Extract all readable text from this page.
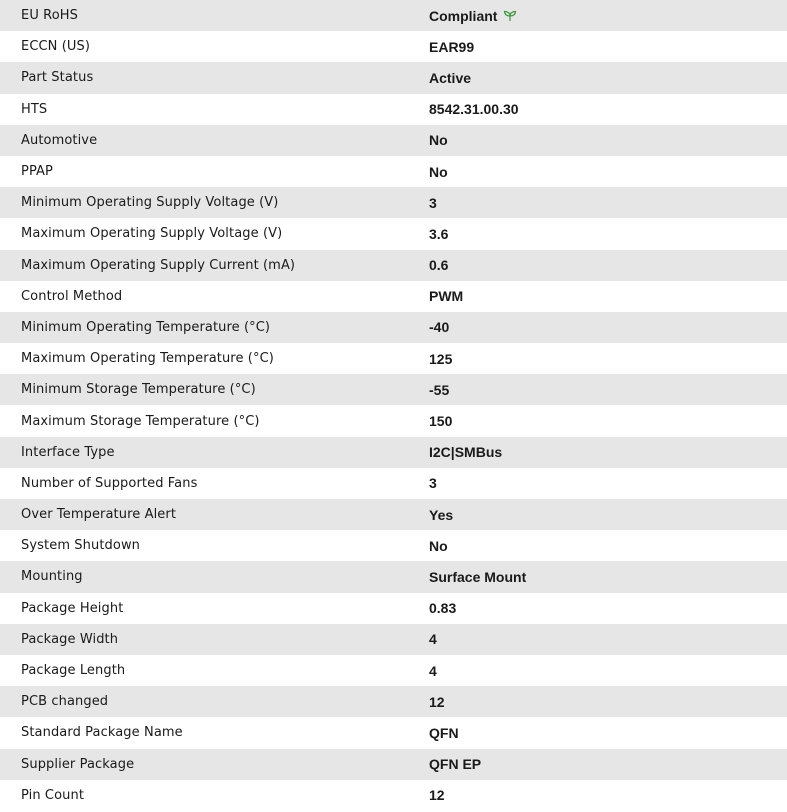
EU RoHS	Compliant
ECCN (US)	EAR99
Part Status	Active
HTS	8542.31.00.30
Automotive	No
PPAP	No
Minimum Operating Supply Voltage (V)	3
Maximum Operating Supply Voltage (V)	3.6
Maximum Operating Supply Current (mA)	0.6
Control Method	PWM
Minimum Operating Temperature (°C)	-40
Maximum Operating Temperature (°C)	125
Minimum Storage Temperature (°C)	-55
Maximum Storage Temperature (°C)	150
Interface Type	I2C|SMBus
Number of Supported Fans	3
Over Temperature Alert	Yes
System Shutdown	No
Mounting	Surface Mount
Package Height	0.83
Package Width	4
Package Length	4
PCB changed	12
Standard Package Name	QFN
Supplier Package	QFN EP
Pin Count	12
